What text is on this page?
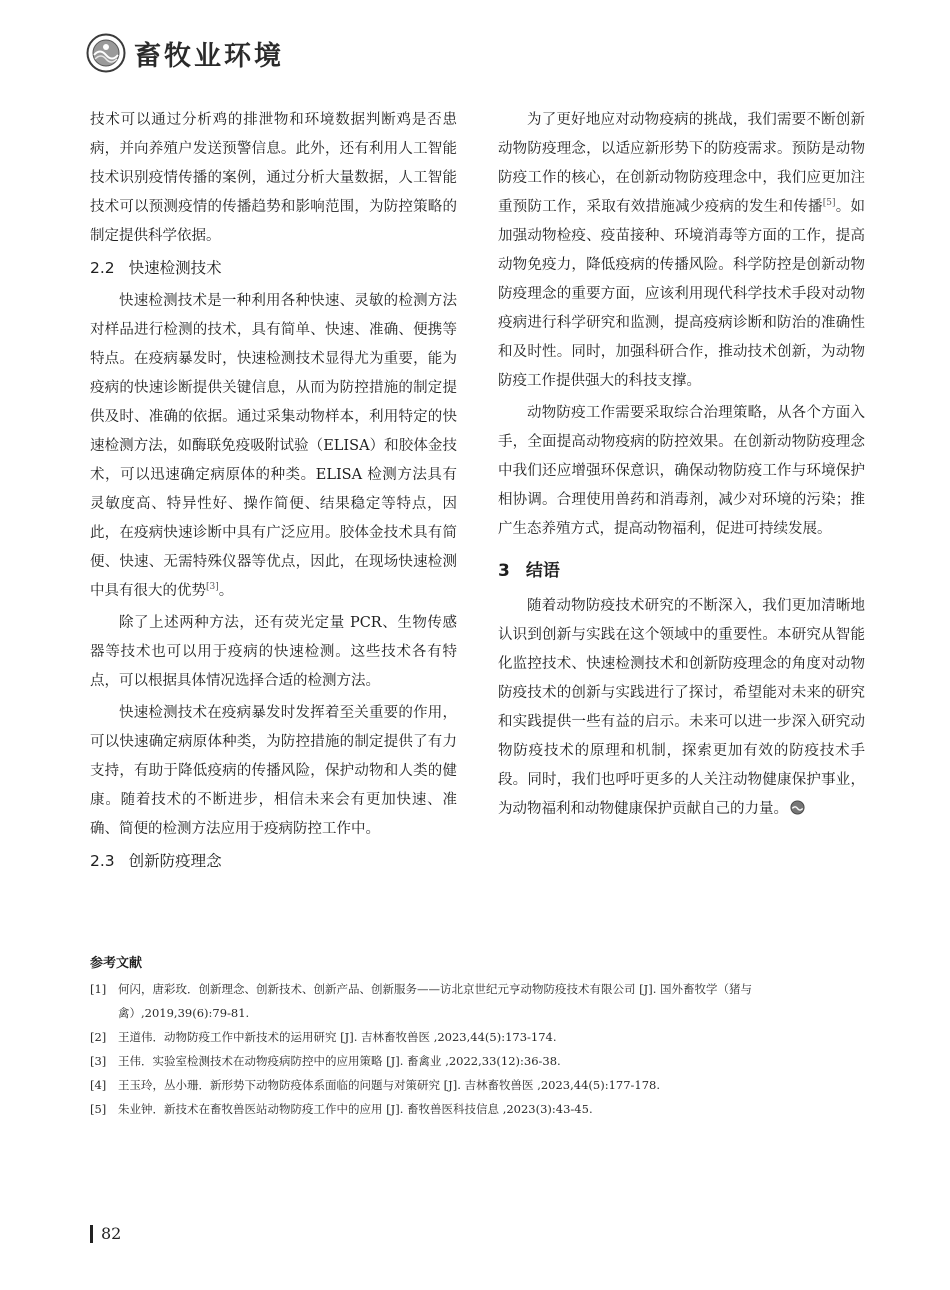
畜牧业环境

技术可以通过分析鸡的排泄物和环境数据判断鸡是否患病，并向养殖户发送预警信息。此外，还有利用人工智能技术识别疫情传播的案例，通过分析大量数据，人工智能技术可以预测疫情的传播趋势和影响范围，为防控策略的制定提供科学依据。

2.2 快速检测技术

快速检测技术是一种利用各种快速、灵敏的检测方法对样品进行检测的技术，具有简单、快速、准确、便携等特点。在疫病暴发时，快速检测技术显得尤为重要，能为疫病的快速诊断提供关键信息，从而为防控措施的制定提供及时、准确的依据。通过采集动物样本，利用特定的快速检测方法，如酶联免疫吸附试验（ELISA）和胶体金技术，可以迅速确定病原体的种类。ELISA 检测方法具有灵敏度高、特异性好、操作简便、结果稳定等特点，因此，在疫病快速诊断中具有广泛应用。胶体金技术具有简便、快速、无需特殊仪器等优点，因此，在现场快速检测中具有很大的优势[3]。

除了上述两种方法，还有荧光定量 PCR、生物传感器等技术也可以用于疫病的快速检测。这些技术各有特点，可以根据具体情况选择合适的检测方法。

快速检测技术在疫病暴发时发挥着至关重要的作用，可以快速确定病原体种类，为防控措施的制定提供了有力支持，有助于降低疫病的传播风险，保护动物和人类的健康。随着技术的不断进步，相信未来会有更加快速、准确、简便的检测方法应用于疫病防控工作中。

2.3 创新防疫理念

为了更好地应对动物疫病的挑战，我们需要不断创新动物防疫理念，以适应新形势下的防疫需求。预防是动物防疫工作的核心，在创新动物防疫理念中，我们应更加注重预防工作，采取有效措施减少疫病的发生和传播[5]。如加强动物检疫、疫苗接种、环境消毒等方面的工作，提高动物免疫力，降低疫病的传播风险。科学防控是创新动物防疫理念的重要方面，应该利用现代科学技术手段对动物疫病进行科学研究和监测，提高疫病诊断和防治的准确性和及时性。同时，加强科研合作，推动技术创新，为动物防疫工作提供强大的科技支撑。

动物防疫工作需要采取综合治理策略，从各个方面入手，全面提高动物疫病的防控效果。在创新动物防疫理念中我们还应增强环保意识，确保动物防疫工作与环境保护相协调。合理使用兽药和消毒剂，减少对环境的污染；推广生态养殖方式，提高动物福利，促进可持续发展。

3 结语

随着动物防疫技术研究的不断深入，我们更加清晰地认识到创新与实践在这个领域中的重要性。本研究从智能化监控技术、快速检测技术和创新防疫理念的角度对动物防疫技术的创新与实践进行了探讨，希望能对未来的研究和实践提供一些有益的启示。未来可以进一步深入研究动物防疫技术的原理和机制，探索更加有效的防疫技术手段。同时，我们也呼吁更多的人关注动物健康保护事业，为动物福利和动物健康保护贡献自己的力量。

参考文献
[1]	何闪，唐彩玫．创新理念、创新技术、创新产品、创新服务——访北京世纪元亨动物防疫技术有限公司 [J]. 国外畜牧学（猪与禽）,2019,39(6):79-81.
[2]	王道伟．动物防疫工作中新技术的运用研究 [J]. 吉林畜牧兽医 ,2023,44(5):173-174.
[3]	王伟．实验室检测技术在动物疫病防控中的应用策略 [J]. 畜禽业 ,2022,33(12):36-38.
[4]	王玉玲，丛小珊．新形势下动物防疫体系面临的问题与对策研究 [J]. 吉林畜牧兽医 ,2023,44(5):177-178.
[5]	朱业钟．新技术在畜牧兽医站动物防疫工作中的应用 [J]. 畜牧兽医科技信息 ,2023(3):43-45.
82
